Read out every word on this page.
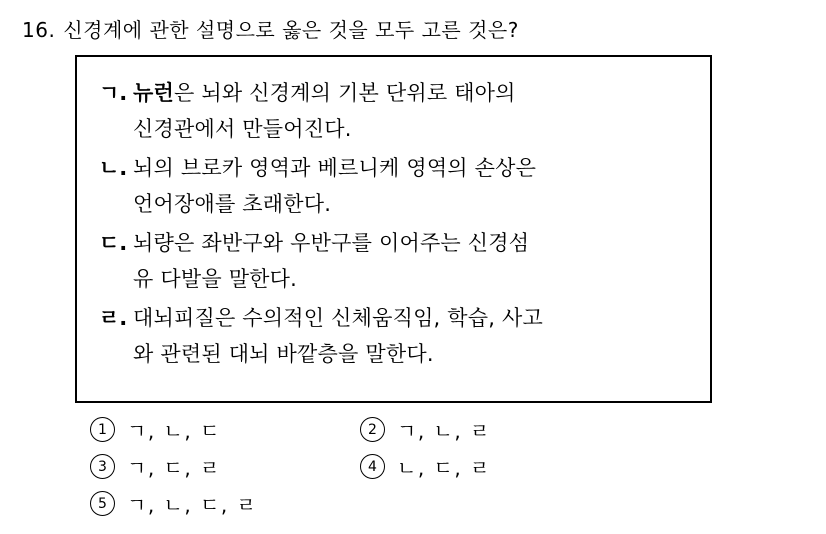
16. 신경계에 관한 설명으로 옳은 것을 모두 고른 것은?
ㄱ. 뉴런은 뇌와 신경계의 기본 단위로 태아의
신경관에서 만들어진다.
ㄴ. 뇌의 브로카 영역과 베르니케 영역의 손상은
언어장애를 초래한다.
ㄷ. 뇌량은 좌반구와 우반구를 이어주는 신경섬
유 다발을 말한다.
ㄹ. 대뇌피질은 수의적인 신체움직임, 학습, 사고
와 관련된 대뇌 바깥층을 말한다.
1	ㄱ, ㄴ, ㄷ	2	ㄱ, ㄴ, ㄹ
3	ㄱ, ㄷ, ㄹ	4	ㄴ, ㄷ, ㄹ
5	ㄱ, ㄴ, ㄷ, ㄹ
